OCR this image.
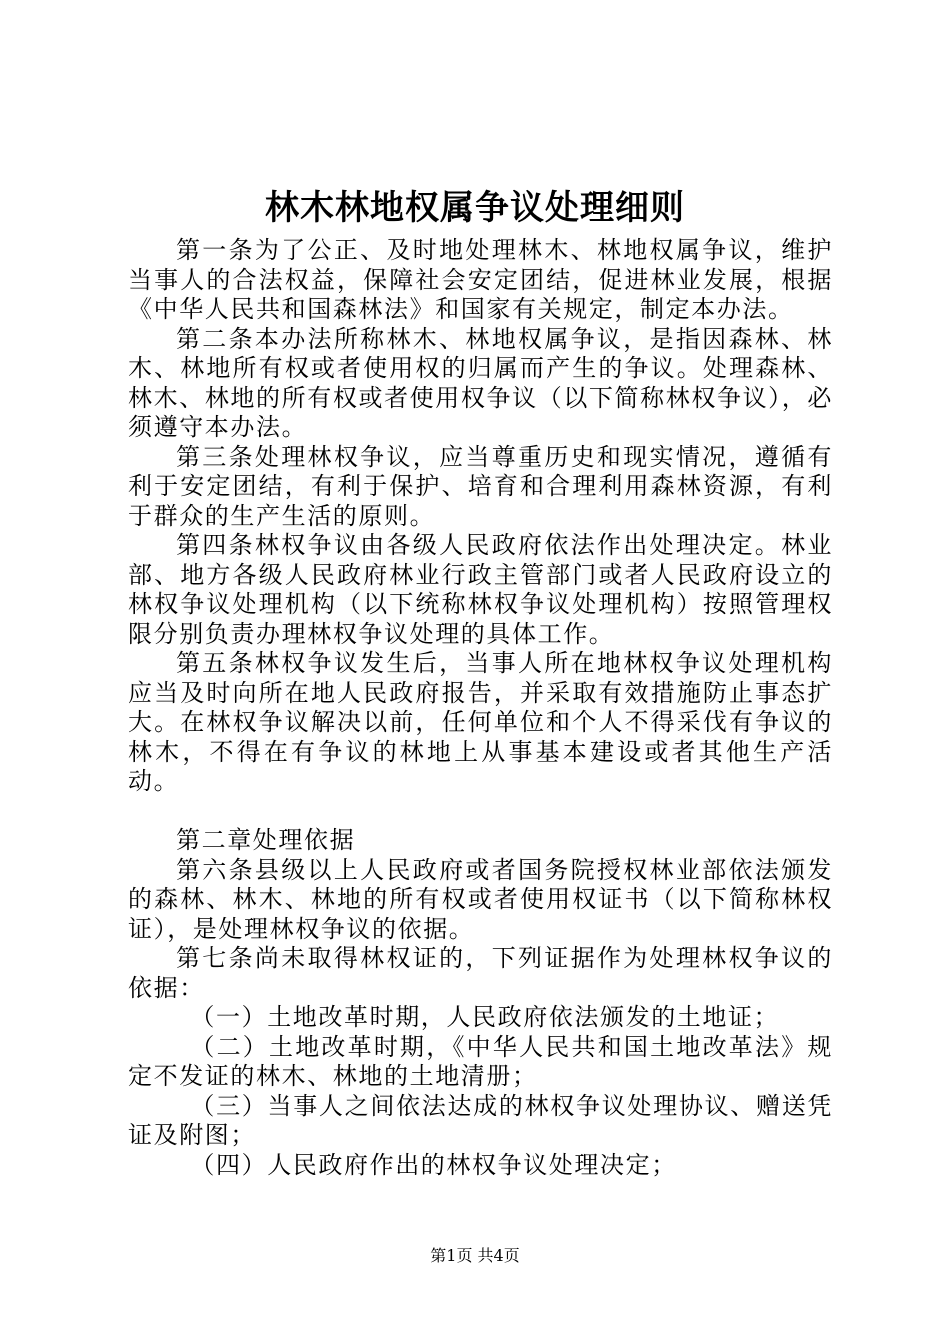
林木林地权属争议处理细则

第一条为了公正、及时地处理林木、林地权属争议，维护当事人的合法权益，保障社会安定团结，促进林业发展，根据《中华人民共和国森林法》和国家有关规定，制定本办法。

第二条本办法所称林木、林地权属争议，是指因森林、林木、林地所有权或者使用权的归属而产生的争议。处理森林、林木、林地的所有权或者使用权争议（以下简称林权争议），必须遵守本办法。

第三条处理林权争议，应当尊重历史和现实情况，遵循有利于安定团结，有利于保护、培育和合理利用森林资源，有利于群众的生产生活的原则。

第四条林权争议由各级人民政府依法作出处理决定。林业部、地方各级人民政府林业行政主管部门或者人民政府设立的林权争议处理机构（以下统称林权争议处理机构）按照管理权限分别负责办理林权争议处理的具体工作。

第五条林权争议发生后，当事人所在地林权争议处理机构应当及时向所在地人民政府报告，并采取有效措施防止事态扩大。在林权争议解决以前，任何单位和个人不得采伐有争议的林木，不得在有争议的林地上从事基本建设或者其他生产活动。

第二章处理依据

第六条县级以上人民政府或者国务院授权林业部依法颁发的森林、林木、林地的所有权或者使用权证书（以下简称林权证），是处理林权争议的依据。

第七条尚未取得林权证的，下列证据作为处理林权争议的依据：

（一）土地改革时期，人民政府依法颁发的土地证；

（二）土地改革时期，《中华人民共和国土地改革法》规定不发证的林木、林地的土地清册；

（三）当事人之间依法达成的林权争议处理协议、赠送凭证及附图；

（四）人民政府作出的林权争议处理决定；

第1页 共4页
